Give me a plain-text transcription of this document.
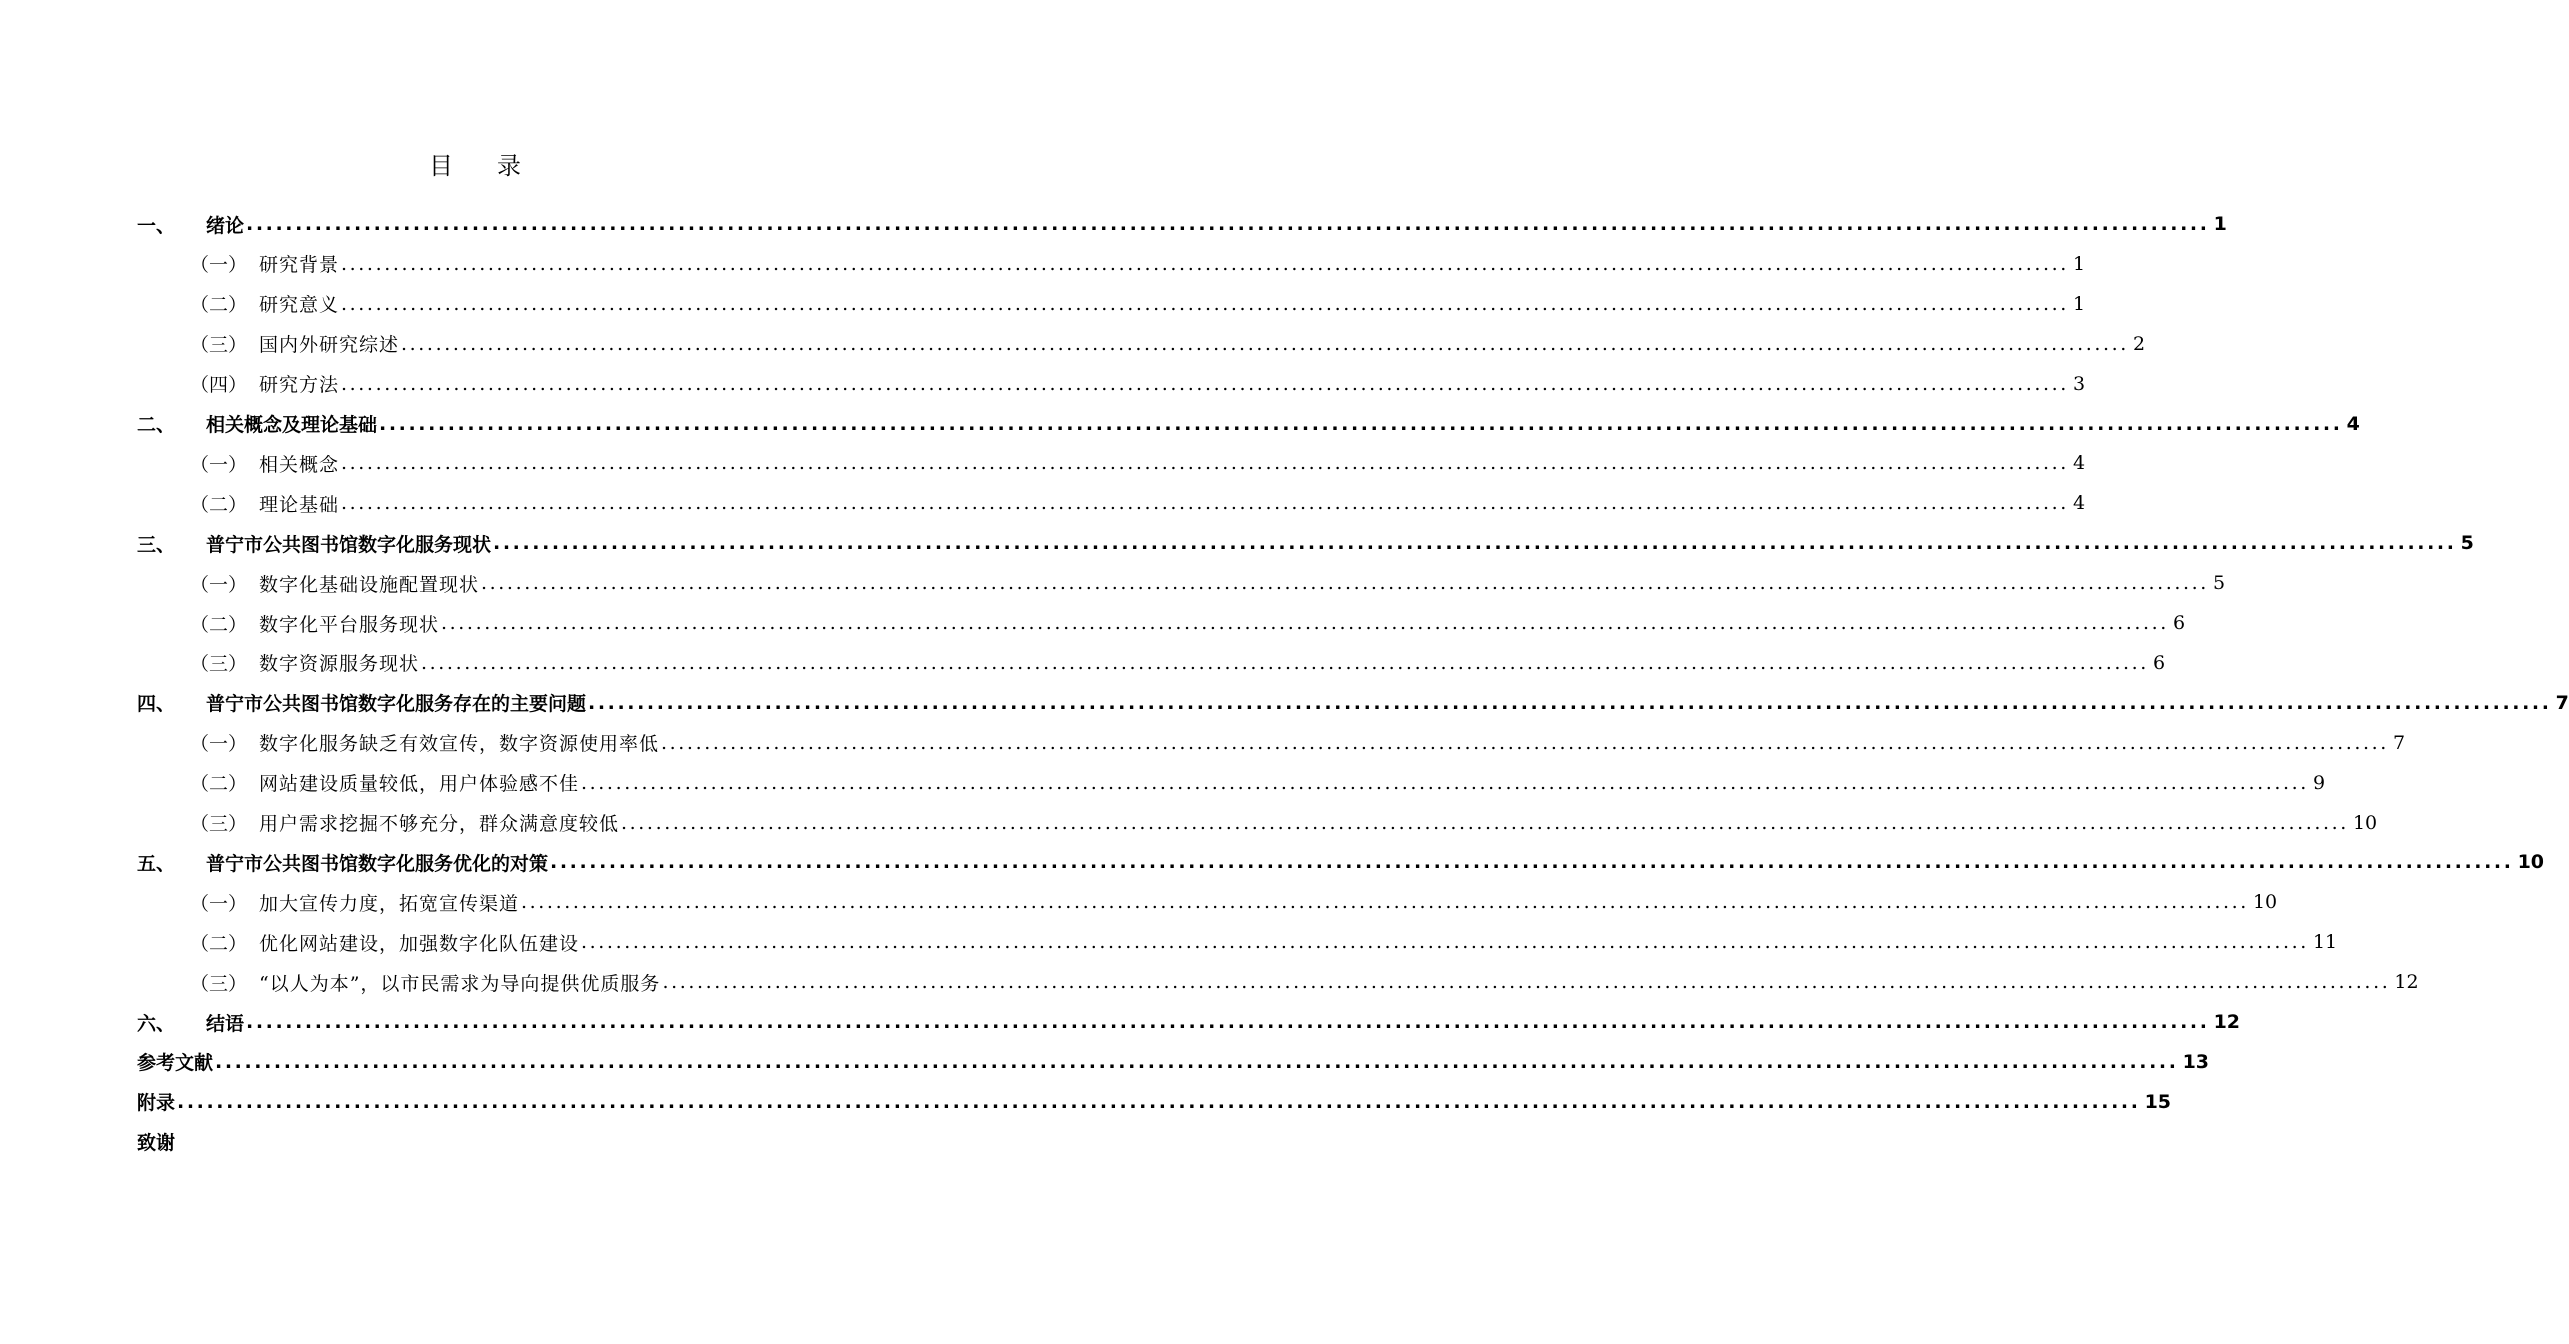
目 录
一、 绪论 ........................................................................................................................................................................................................ 1
（一） 研究背景 ........................................................................................................................................................................................................ 1
（二） 研究意义 ........................................................................................................................................................................................................ 1
（三） 国内外研究综述 ........................................................................................................................................................................................................ 2
（四） 研究方法 ........................................................................................................................................................................................................ 3
二、 相关概念及理论基础 ........................................................................................................................................................................................................ 4
（一） 相关概念 ........................................................................................................................................................................................................ 4
（二） 理论基础 ........................................................................................................................................................................................................ 4
三、 普宁市公共图书馆数字化服务现状 ........................................................................................................................................................................................................ 5
（一） 数字化基础设施配置现状 ........................................................................................................................................................................................................ 5
（二） 数字化平台服务现状 ........................................................................................................................................................................................................ 6
（三） 数字资源服务现状 ........................................................................................................................................................................................................ 6
四、 普宁市公共图书馆数字化服务存在的主要问题 ........................................................................................................................................................................................................ 7
（一） 数字化服务缺乏有效宣传，数字资源使用率低 ........................................................................................................................................................................................................ 7
（二） 网站建设质量较低，用户体验感不佳 ........................................................................................................................................................................................................ 9
（三） 用户需求挖掘不够充分，群众满意度较低 ........................................................................................................................................................................................................ 10
五、 普宁市公共图书馆数字化服务优化的对策 ........................................................................................................................................................................................................ 10
（一） 加大宣传力度，拓宽宣传渠道 ........................................................................................................................................................................................................ 10
（二） 优化网站建设，加强数字化队伍建设 ........................................................................................................................................................................................................ 11
（三） “以人为本”，以市民需求为导向提供优质服务 ........................................................................................................................................................................................................ 12
六、 结语 ........................................................................................................................................................................................................ 12
参考文献 ........................................................................................................................................................................................................ 13
附录 ........................................................................................................................................................................................................ 15
致谢
